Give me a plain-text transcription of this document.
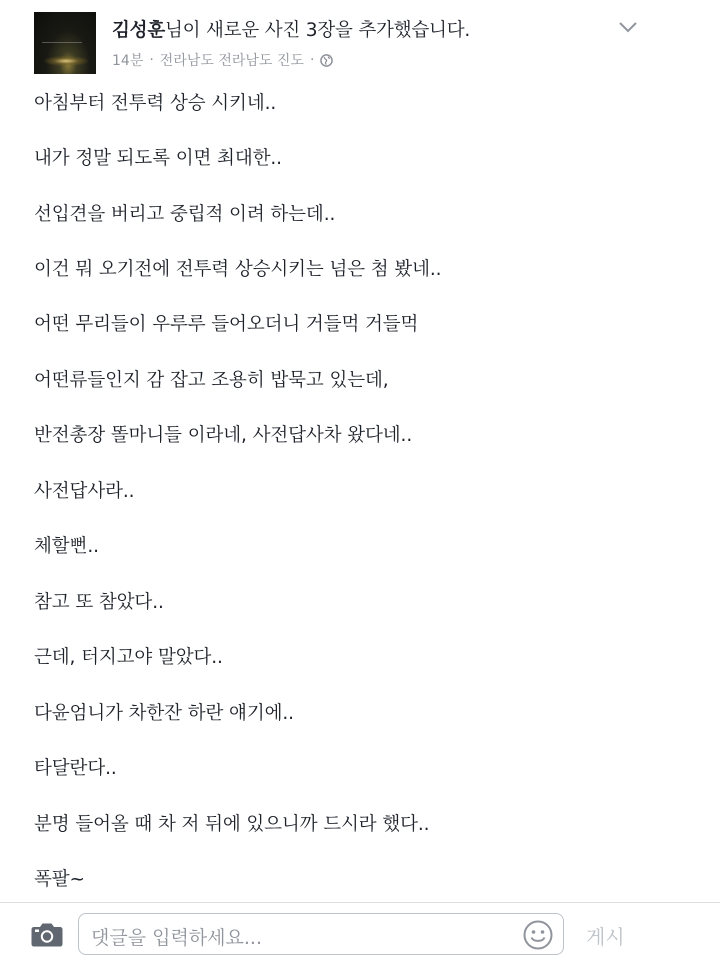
김성훈님이 새로운 사진 3장을 추가했습니다.
14분 · 전라남도 전라남도 진도 ·
아침부터 전투력 상승 시키네..
내가 정말 되도록 이면 최대한..
선입견을 버리고 중립적 이려 하는데..
이건 뭐 오기전에 전투력 상승시키는 넘은 첨 봤네..
어떤 무리들이 우루루 들어오더니 거들먹 거들먹
어떤류들인지 감 잡고 조용히 밥묵고 있는데,
반전총장 똘마니들 이라네, 사전답사차 왔다네..
사전답사라..
체할뻔..
참고 또 참았다..
근데, 터지고야 말았다..
다윤엄니가 차한잔 하란 얘기에..
타달란다..
분명 들어올 때 차 저 뒤에 있으니까 드시라 했다..
폭팔~
댓글을 입력하세요...	게시
